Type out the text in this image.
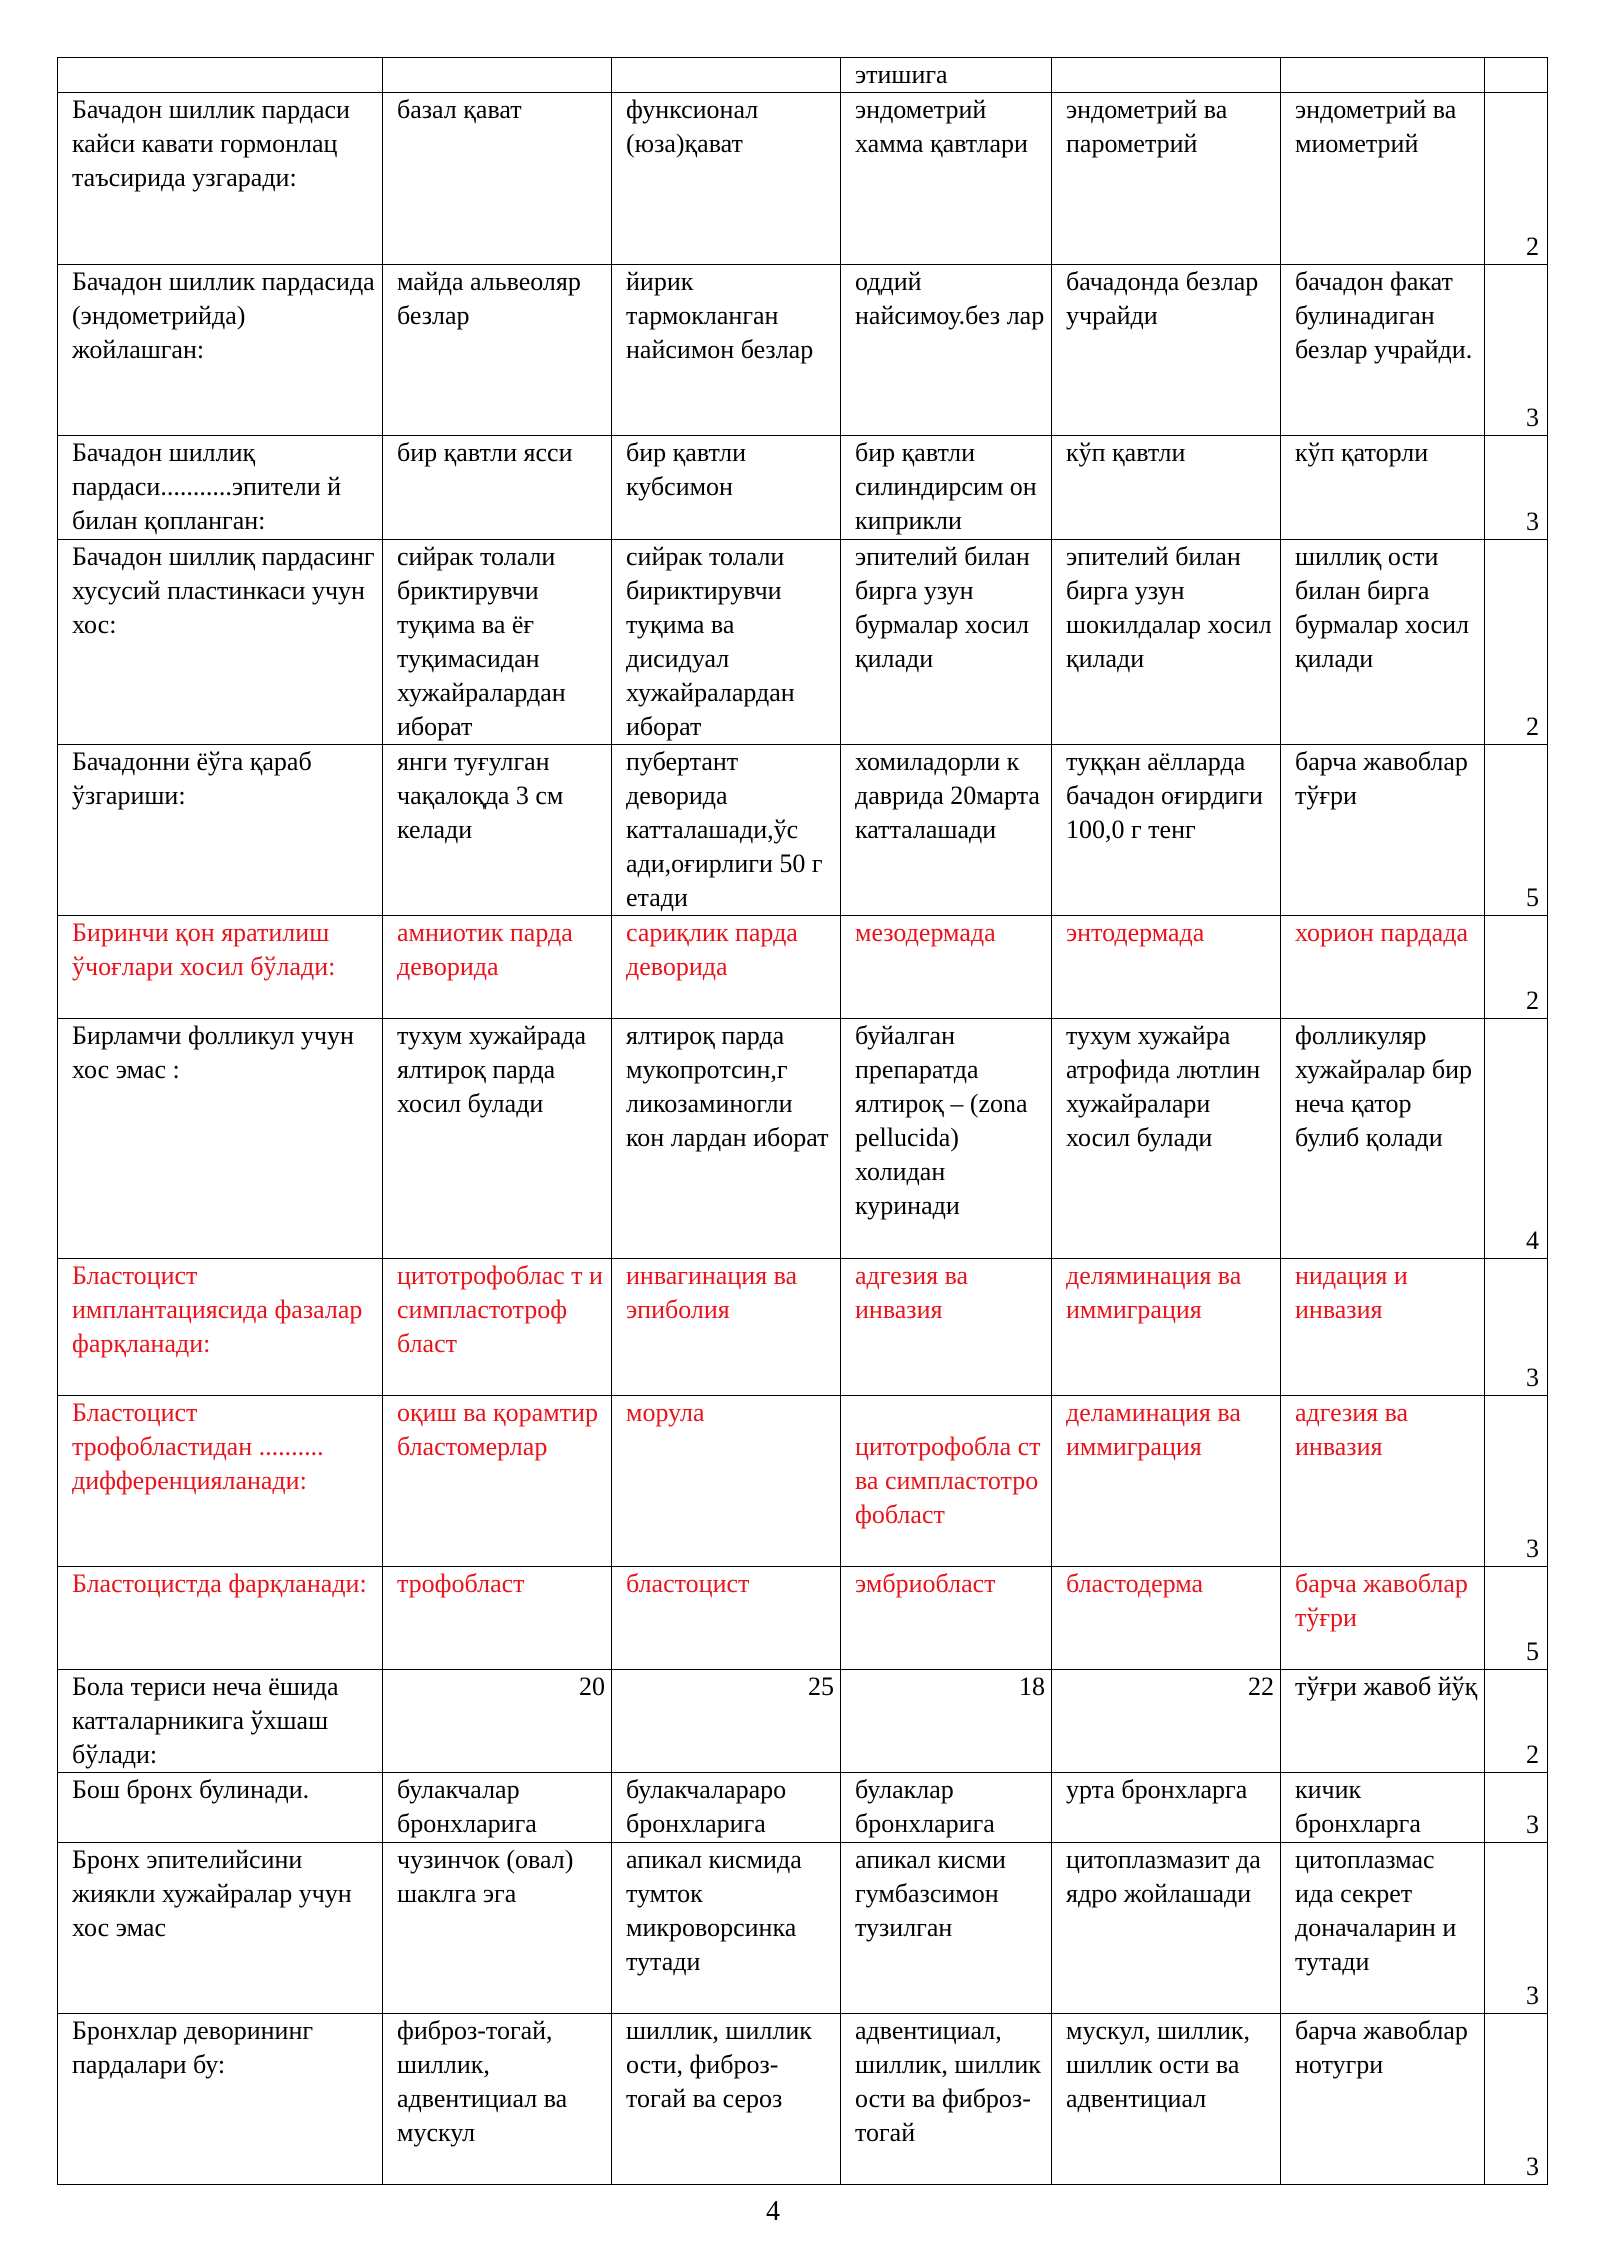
			этишига			
Бачадон шиллик пардаси кайси кавати гормонлац таъсирида узгаради:	базал қават	функсионал (юза)қават	эндометрий хамма қавтлари	эндометрий ва парометрий	эндометрий ва миометрий	2
Бачадон шиллик пардасида (эндометрийда) жойлашган:	майда альвеоляр безлар	йирик тармокланган найсимон безлар	оддий найсимоу.без лар	бачадонда безлар учрайди	бачадон факат булинадиган безлар учрайди.	3
Бачадон шиллиқ пардаси...........эпители й билан қопланган:	бир қавтли ясси	бир қавтли кубсимон	бир қавтли силиндирсим он киприкли	кўп қавтли	кўп қаторли	3
Бачадон шиллиқ пардасинг хусусий пластинкаси учун хос:	сийрак толали бриктирувчи туқима ва ёғ туқимасидан хужайралардан иборат	сийрак толали бириктирувчи туқима ва дисидуал хужайралардан иборат	эпителий билан бирга узун бурмалар хосил қилади	эпителий билан бирга узун шокилдалар хосил қилади	шиллиқ ости билан бирга бурмалар хосил қилади	2
Бачадонни ёўга қараб ўзгариши:	янги туғулган чақалоқда 3 см келади	пубертант деворида катталашади,ўс ади,оғирлиги 50 г етади	хомиладорли к даврида 20марта катталашади	туққан аёлларда бачадон оғирдиги 100,0 г тенг	барча жавоблар тўғри	5
Биринчи қон яратилиш ўчоғлари хосил бўлади:	амниотик парда деворида	сариқлик парда деворида	мезодермада	энтодермада	хорион пардада	2
Бирламчи фолликул учун хос эмас :	тухум хужайрада ялтироқ парда хосил булади	ялтироқ парда мукопротсин,г ликозаминогли кон лардан иборат	буйалган препаратда ялтироқ – (zona pellucida) холидан куринади	тухум хужайра атрофида лютлин хужайралари хосил булади	фолликуляр хужайралар бир неча қатор булиб қолади	4
Бластоцист имплантациясида фазалар фарқланади:	цитотрофоблас т и симпластотроф бласт	инвагинация ва эпиболия	адгезия ва инвазия	деляминация ва иммиграция	нидация и инвазия	3
Бластоцист трофобластидан .......... дифференцияланади:	оқиш ва қорамтир бластомерлар	морула	цитотрофобла ст ва симпластотро фобласт	деламинация ва иммиграция	адгезия ва инвазия	3
Бластоцистда фарқланади:	трофобласт	бластоцист	эмбриобласт	бластодерма	барча жавоблар тўғри	5
Бола териси неча ёшида катталарникига ўхшаш бўлади:	20	25	18	22	тўғри жавоб йўқ	2
Бош бронх булинади.	булакчалар бронхларига	булакчалараро бронхларига	булаклар бронхларига	урта бронхларга	кичик бронхларга	3
Бронх эпителийсини жиякли хужайралар учун хос эмас	чузинчок (овал) шаклга эга	апикал кисмида тумток микроворсинка тутади	апикал кисми гумбазсимон тузилган	цитоплазмазит да ядро жойлашади	цитоплазмас ида секрет доначаларин и тутади	3
Бронхлар деворининг пардалари бу:	фиброз-тогай, шиллик, адвентициал ва мускул	шиллик, шиллик ости, фиброз-тогай ва сероз	адвентициал, шиллик, шиллик ости ва фиброз-тогай	мускул, шиллик, шиллик ости ва адвентициал	барча жавоблар нотугри	3
4
